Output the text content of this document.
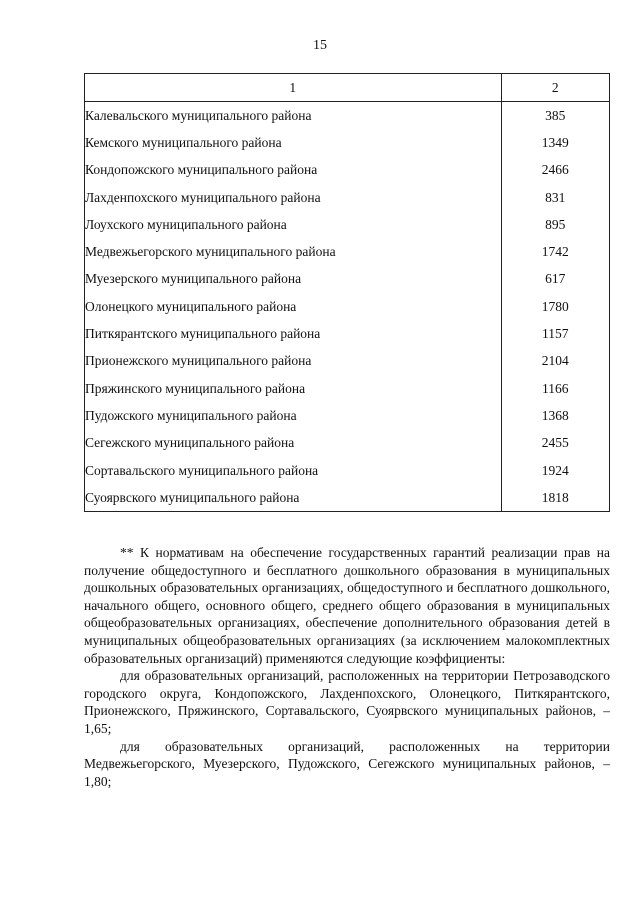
15
1	2
Калевальского муниципального района	385
Кемского муниципального района	1349
Кондопожского муниципального района	2466
Лахденпохского муниципального района	831
Лоухского муниципального района	895
Медвежьегорского муниципального района	1742
Муезерского муниципального района	617
Олонецкого муниципального района	1780
Питкярантского муниципального района	1157
Прионежского муниципального района	2104
Пряжинского муниципального района	1166
Пудожского муниципального района	1368
Сегежского муниципального района	2455
Сортавальского муниципального района	1924
Суоярвского муниципального района	1818

** К нормативам на обеспечение государственных гарантий реализации прав на получение общедоступного и бесплатного дошкольного образования в муниципальных дошкольных образовательных организациях, общедоступного и бесплатного дошкольного, начального общего, основного общего, среднего общего образования в муниципальных общеобразовательных организациях, обеспечение дополнительного образования детей в муниципальных общеобразовательных организациях (за исключением малокомплектных образовательных организаций) применяются следующие коэффициенты:

для образовательных организаций, расположенных на территории Петрозаводского городского округа, Кондопожского, Лахденпохского, Олонецкого, Питкярантского, Прионежского, Пряжинского, Сортавальского, Суоярвского муниципальных районов, – 1,65;

для образовательных организаций, расположенных на территории Медвежьегорского, Муезерского, Пудожского, Сегежского муниципальных районов, – 1,80;
